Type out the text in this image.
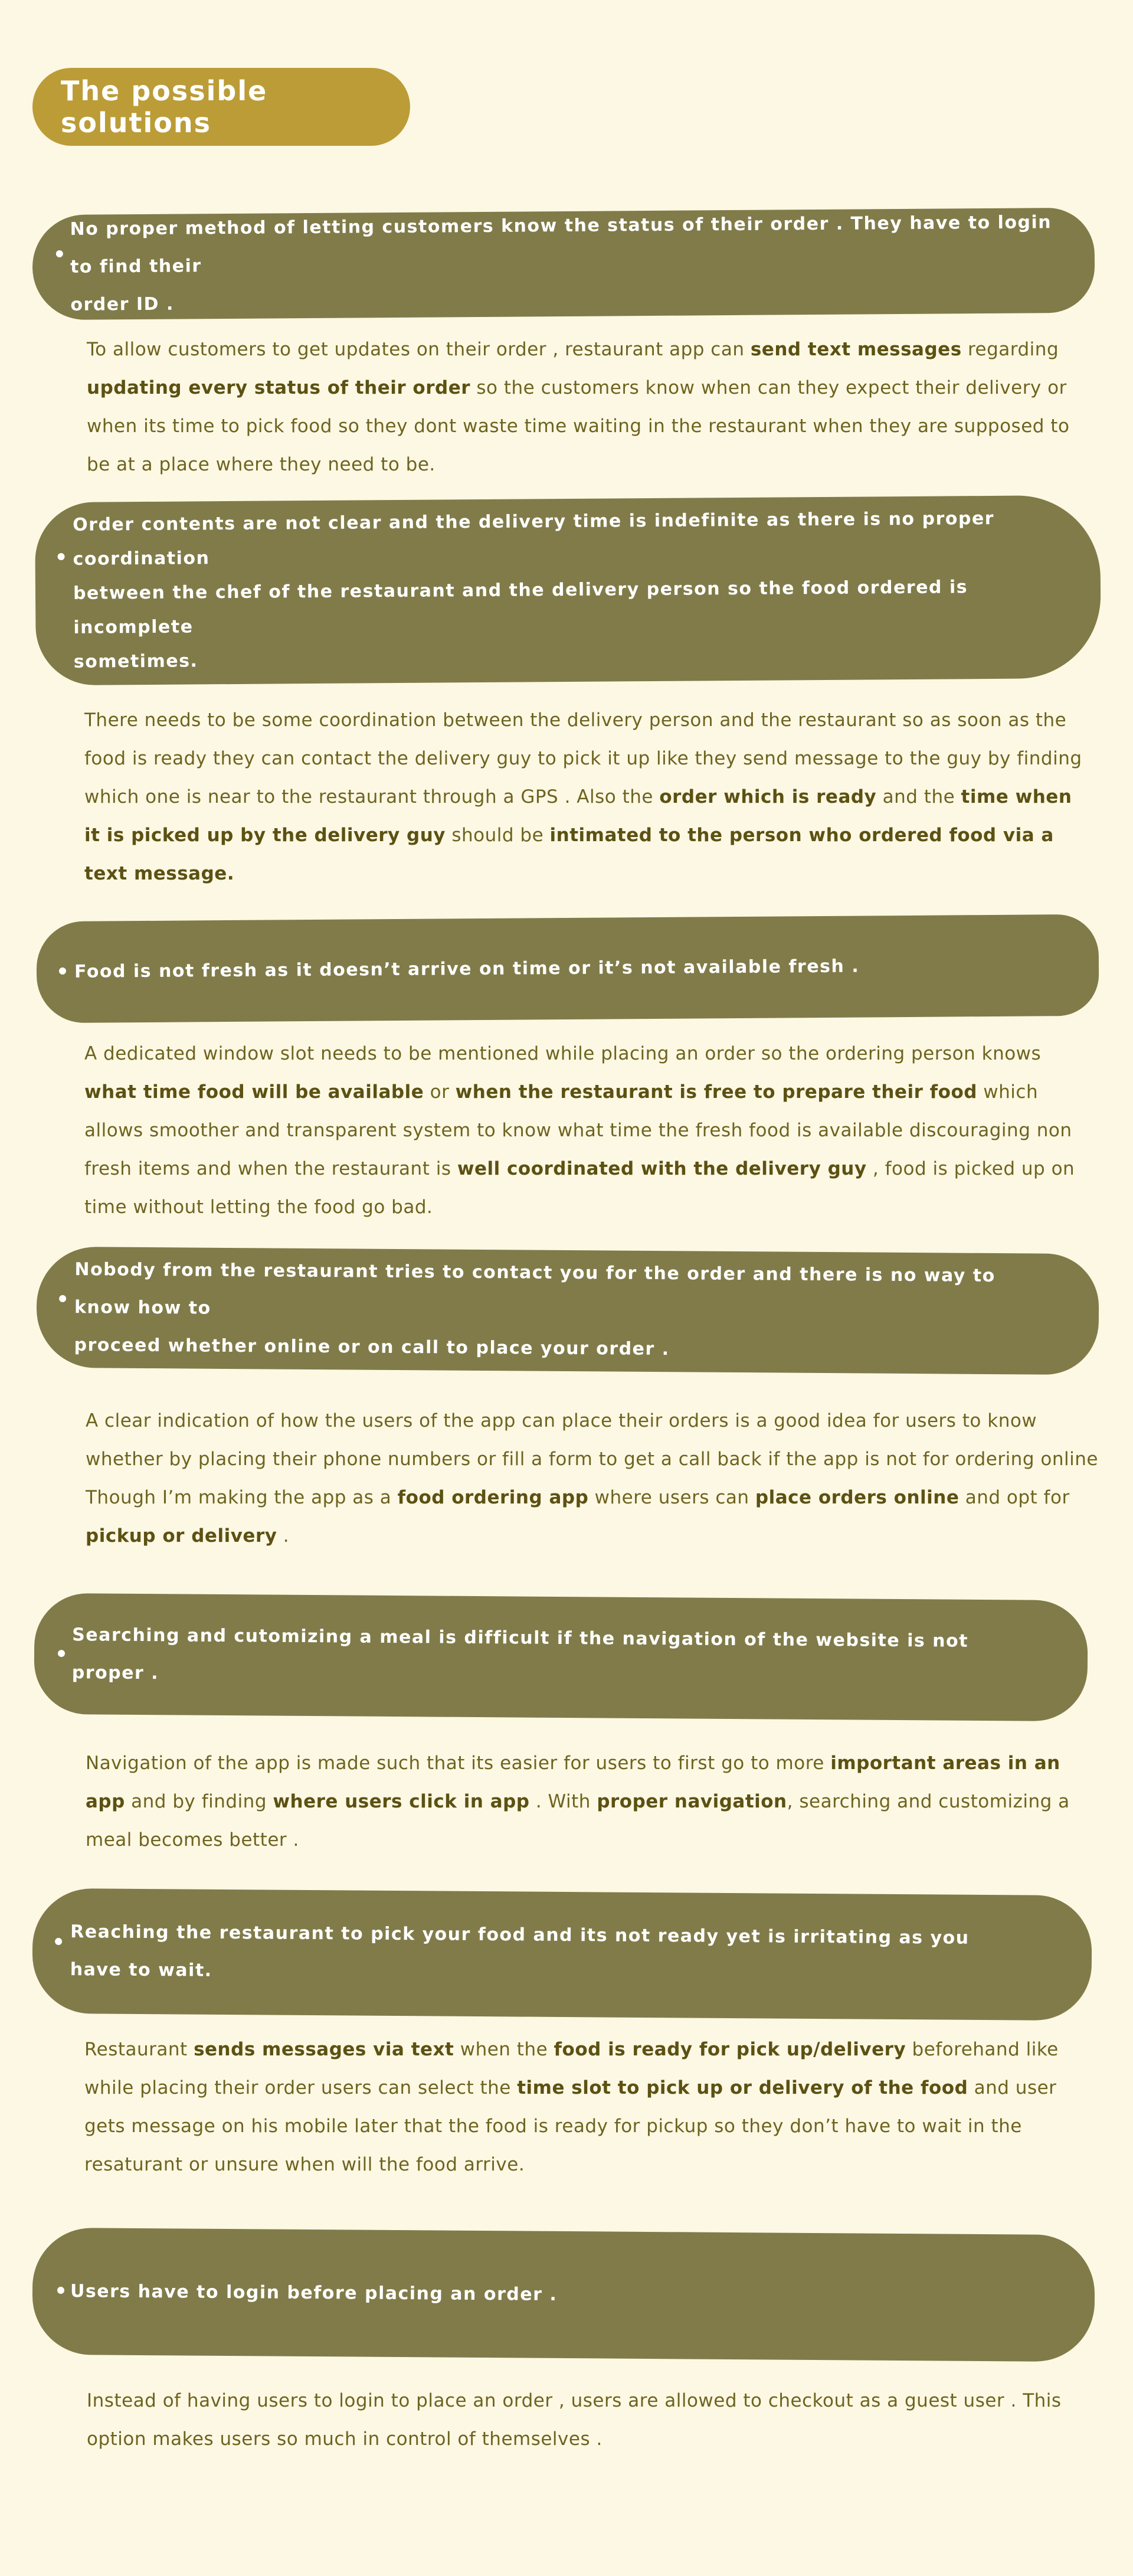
The possible solutions
No proper method of letting customers know the status of their order . They have to login to find their
order ID .
To allow customers to get updates on their order , restaurant app can send text messages regarding updating every status of their order so the customers know when can they expect their delivery or when its time to pick food so they dont waste time waiting in the restaurant when they are supposed to be at a place where they need to be.
Order contents are not clear and the delivery time is indefinite as there is no proper coordination
between the chef of the restaurant and the delivery person so the food ordered is incomplete
sometimes.
There needs to be some coordination between the delivery person and the restaurant so as soon as the food is ready they can contact the delivery guy to pick it up like they send message to the guy by finding which one is near to the restaurant through a GPS . Also the order which is ready and the time when it is picked up by the delivery guy should be intimated to the person who ordered food via a text message.
Food is not fresh as it doesn’t arrive on time or it’s not available fresh .
A dedicated window slot needs to be mentioned while placing an order so the ordering person knows what time food will be available or when the restaurant is free to prepare their food which allows smoother and transparent system to know what time the fresh food is available discouraging non fresh items and when the restaurant is well coordinated with the delivery guy , food is picked up on time without letting the food go bad.
Nobody from the restaurant tries to contact you for the order and there is no way to know how to
proceed whether online or on call to place your order .
A clear indication of how the users of the app can place their orders is a good idea for users to know whether by placing their phone numbers or fill a form to get a call back if the app is not for ordering online Though I’m making the app as a food ordering app where users can place orders online and opt for pickup or delivery .
Searching and cutomizing a meal is difficult if the navigation of the website is not proper .
Navigation of the app is made such that its easier for users to first go to more important areas in an app and by finding where users click in app . With proper navigation, searching and customizing a meal becomes better .
Reaching the restaurant to pick your food and its not ready yet is irritating as you
have to wait.
Restaurant sends messages via text when the food is ready for pick up/delivery beforehand like while placing their order users can select the time slot to pick up or delivery of the food and user gets message on his mobile later that the food is ready for pickup so they don’t have to wait in the resaturant or unsure when will the food arrive.
Users have to login before placing an order .
Instead of having users to login to place an order , users are allowed to checkout as a guest user . This option makes users so much in control of themselves .
